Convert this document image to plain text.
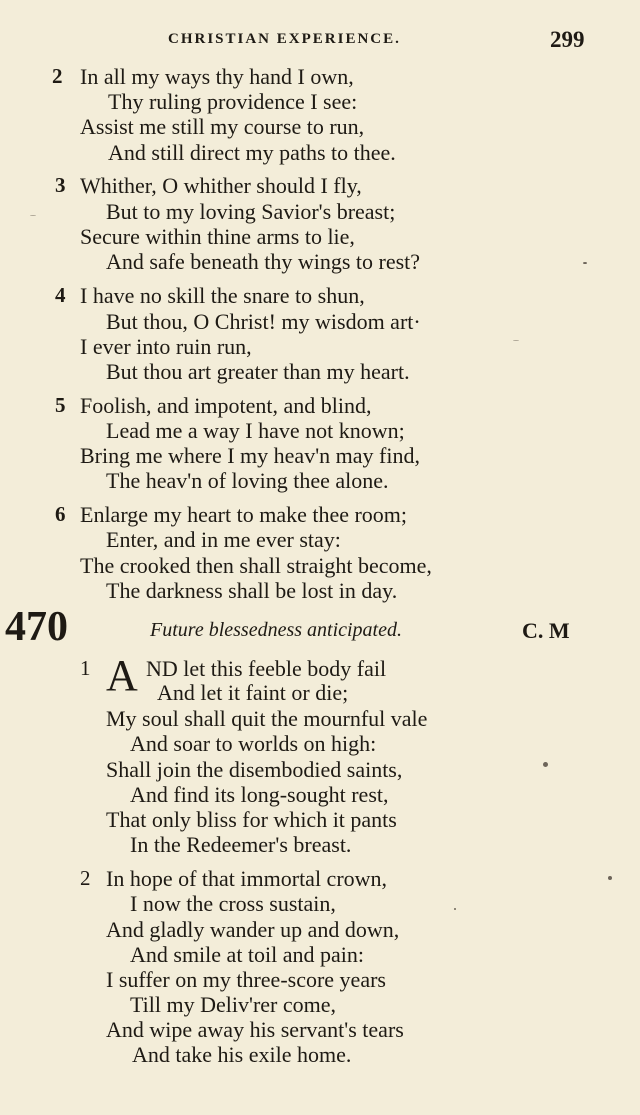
CHRISTIAN EXPERIENCE.	299
2 In all my ways thy hand I own,
Thy ruling providence I see:
Assist me still my course to run,
And still direct my paths to thee.
3 Whither, O whither should I fly,
But to my loving Savior's breast;
Secure within thine arms to lie,
And safe beneath thy wings to rest?
4 I have no skill the snare to shun,
But thou, O Christ! my wisdom art·
I ever into ruin run,
But thou art greater than my heart.
5 Foolish, and impotent, and blind,
Lead me a way I have not known;
Bring me where I my heav'n may find,
The heav'n of loving thee alone.
6 Enlarge my heart to make thee room;
Enter, and in me ever stay:
The crooked then shall straight become,
The darkness shall be lost in day.
470	Future blessedness anticipated.	C. M
1 A ND let this feeble body fail
And let it faint or die;
My soul shall quit the mournful vale
And soar to worlds on high:
Shall join the disembodied saints,
And find its long-sought rest,
That only bliss for which it pants
In the Redeemer's breast.
2 In hope of that immortal crown,
I now the cross sustain,
And gladly wander up and down,
And smile at toil and pain:
I suffer on my three-score years
Till my Deliv'rer come,
And wipe away his servant's tears
And take his exile home.
